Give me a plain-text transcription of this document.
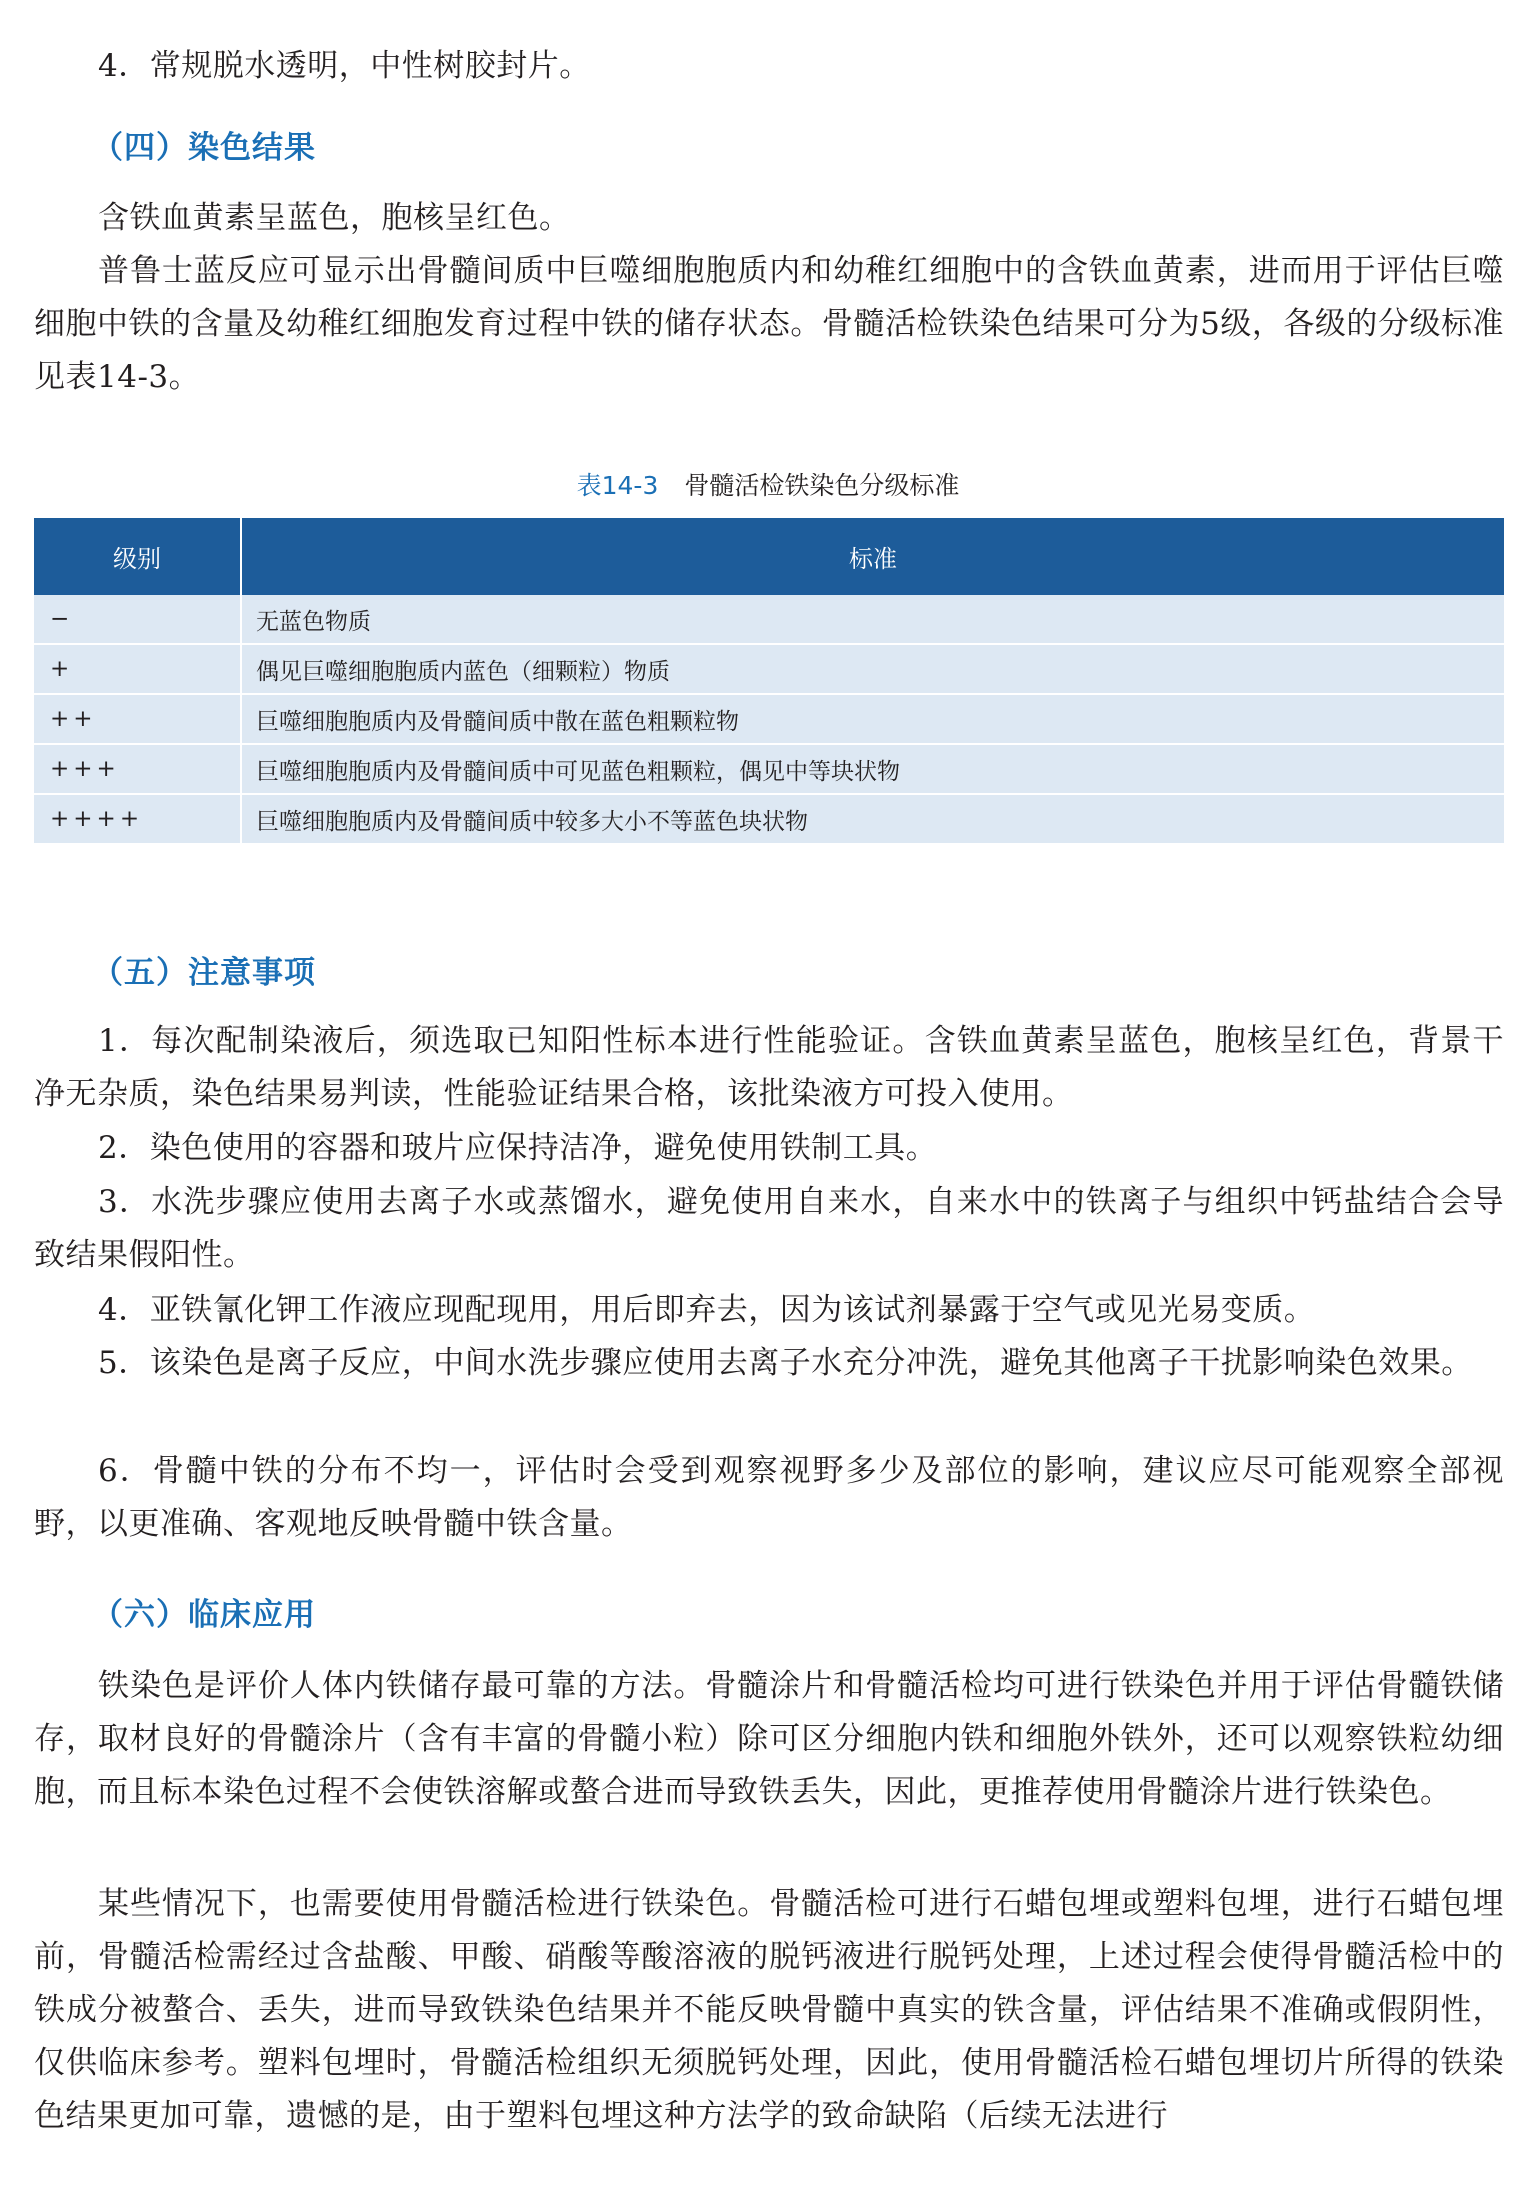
4．常规脱水透明，中性树胶封片。

（四）染色结果

含铁血黄素呈蓝色，胞核呈红色。

普鲁士蓝反应可显示出骨髓间质中巨噬细胞胞质内和幼稚红细胞中的含铁血黄素，进而用于评估巨噬细胞中铁的含量及幼稚红细胞发育过程中铁的储存状态。骨髓活检铁染色结果可分为5级，各级的分级标准见表14-3。

表14-3 骨髓活检铁染色分级标准

级别	标准
−	无蓝色物质
+	偶见巨噬细胞胞质内蓝色（细颗粒）物质
++	巨噬细胞胞质内及骨髓间质中散在蓝色粗颗粒物
+++	巨噬细胞胞质内及骨髓间质中可见蓝色粗颗粒，偶见中等块状物
++++	巨噬细胞胞质内及骨髓间质中较多大小不等蓝色块状物
（五）注意事项

1．每次配制染液后，须选取已知阳性标本进行性能验证。含铁血黄素呈蓝色，胞核呈红色，背景干净无杂质，染色结果易判读，性能验证结果合格，该批染液方可投入使用。

2．染色使用的容器和玻片应保持洁净，避免使用铁制工具。

3．水洗步骤应使用去离子水或蒸馏水，避免使用自来水，自来水中的铁离子与组织中钙盐结合会导致结果假阳性。

4．亚铁氰化钾工作液应现配现用，用后即弃去，因为该试剂暴露于空气或见光易变质。

5．该染色是离子反应，中间水洗步骤应使用去离子水充分冲洗，避免其他离子干扰影响染色效果。

6．骨髓中铁的分布不均一，评估时会受到观察视野多少及部位的影响，建议应尽可能观察全部视野，以更准确、客观地反映骨髓中铁含量。

（六）临床应用

铁染色是评价人体内铁储存最可靠的方法。骨髓涂片和骨髓活检均可进行铁染色并用于评估骨髓铁储存，取材良好的骨髓涂片（含有丰富的骨髓小粒）除可区分细胞内铁和细胞外铁外，还可以观察铁粒幼细胞，而且标本染色过程不会使铁溶解或螯合进而导致铁丢失，因此，更推荐使用骨髓涂片进行铁染色。

某些情况下，也需要使用骨髓活检进行铁染色。骨髓活检可进行石蜡包埋或塑料包埋，进行石蜡包埋前，骨髓活检需经过含盐酸、甲酸、硝酸等酸溶液的脱钙液进行脱钙处理，上述过程会使得骨髓活检中的铁成分被螯合、丢失，进而导致铁染色结果并不能反映骨髓中真实的铁含量，评估结果不准确或假阴性，仅供临床参考。塑料包埋时，骨髓活检组织无须脱钙处理，因此，使用骨髓活检石蜡包埋切片所得的铁染色结果更加可靠，遗憾的是，由于塑料包埋这种方法学的致命缺陷（后续无法进行
